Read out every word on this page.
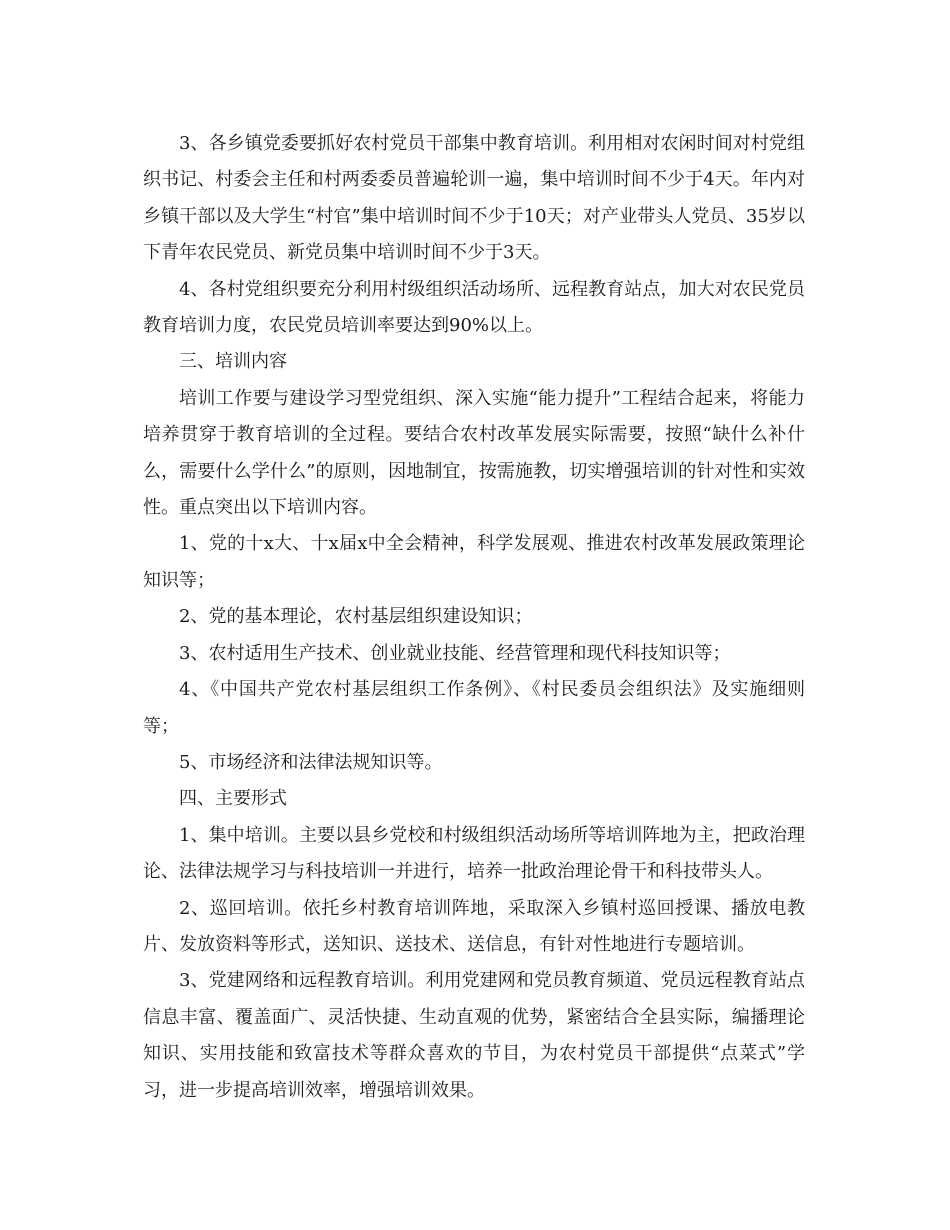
3、各乡镇党委要抓好农村党员干部集中教育培训。利用相对农闲时间对村党组织书记、村委会主任和村两委委员普遍轮训一遍，集中培训时间不少于4天。年内对乡镇干部以及大学生“村官”集中培训时间不少于10天；对产业带头人党员、35岁以下青年农民党员、新党员集中培训时间不少于3天。

4、各村党组织要充分利用村级组织活动场所、远程教育站点，加大对农民党员教育培训力度，农民党员培训率要达到90%以上。

三、培训内容

培训工作要与建设学习型党组织、深入实施“能力提升”工程结合起来，将能力培养贯穿于教育培训的全过程。要结合农村改革发展实际需要，按照“缺什么补什么，需要什么学什么”的原则，因地制宜，按需施教，切实增强培训的针对性和实效性。重点突出以下培训内容。

1、党的十x大、十x届x中全会精神，科学发展观、推进农村改革发展政策理论知识等；

2、党的基本理论，农村基层组织建设知识；

3、农村适用生产技术、创业就业技能、经营管理和现代科技知识等；

4、《中国共产党农村基层组织工作条例》、《村民委员会组织法》及实施细则等；

5、市场经济和法律法规知识等。

四、主要形式

1、集中培训。主要以县乡党校和村级组织活动场所等培训阵地为主，把政治理论、法律法规学习与科技培训一并进行，培养一批政治理论骨干和科技带头人。

2、巡回培训。依托乡村教育培训阵地，采取深入乡镇村巡回授课、播放电教片、发放资料等形式，送知识、送技术、送信息，有针对性地进行专题培训。

3、党建网络和远程教育培训。利用党建网和党员教育频道、党员远程教育站点信息丰富、覆盖面广、灵活快捷、生动直观的优势，紧密结合全县实际，编播理论知识、实用技能和致富技术等群众喜欢的节目，为农村党员干部提供“点菜式”学习，进一步提高培训效率，增强培训效果。
